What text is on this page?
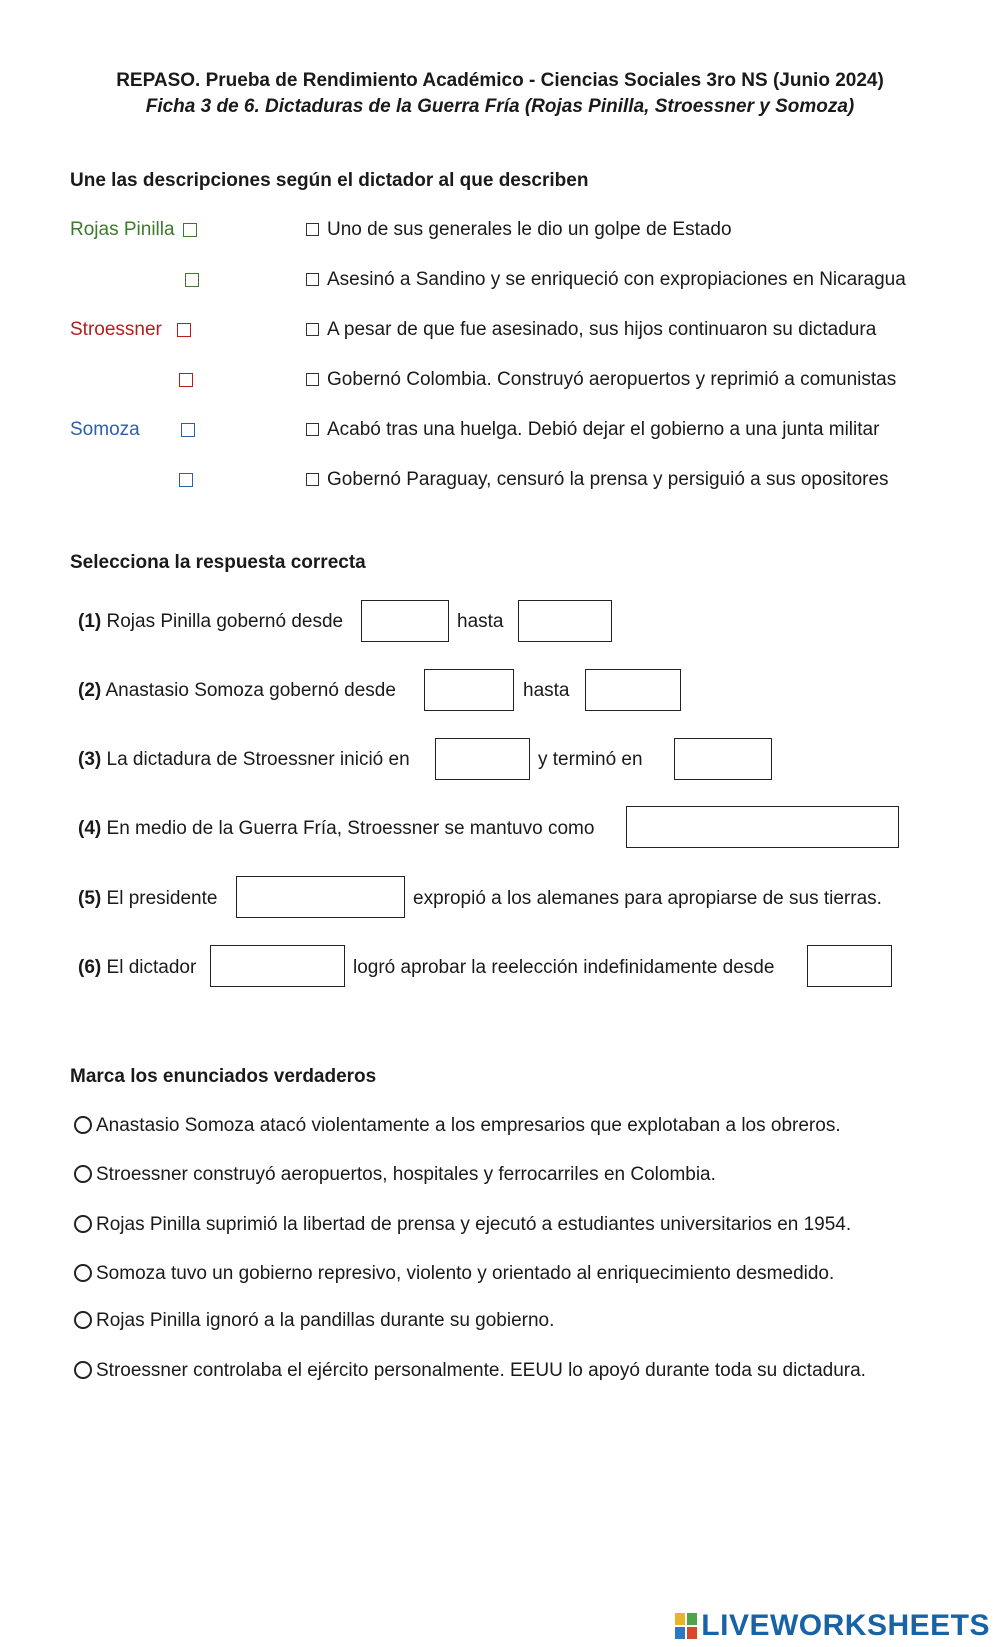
REPASO. Prueba de Rendimiento Académico - Ciencias Sociales 3ro NS (Junio 2024)
Ficha 3 de 6. Dictaduras de la Guerra Fría (Rojas Pinilla, Stroessner y Somoza)
Une las descripciones según el dictador al que describen
Rojas Pinilla
Stroessner
Somoza
Uno de sus generales le dio un golpe de Estado
Asesinó a Sandino y se enriqueció con expropiaciones en Nicaragua
A pesar de que fue asesinado, sus hijos continuaron su dictadura
Gobernó Colombia. Construyó aeropuertos y reprimió a comunistas
Acabó tras una huelga. Debió dejar el gobierno a una junta militar
Gobernó Paraguay, censuró la prensa y persiguió a sus opositores
Selecciona la respuesta correcta
(1) Rojas Pinilla gobernó desde	hasta
(2) Anastasio Somoza gobernó desde	hasta
(3) La dictadura de Stroessner inició en	y terminó en
(4) En medio de la Guerra Fría, Stroessner se mantuvo como
(5) El presidente	expropió a los alemanes para apropiarse de sus tierras.
(6) El dictador	logró aprobar la reelección indefinidamente desde
Marca los enunciados verdaderos
Anastasio Somoza atacó violentamente a los empresarios que explotaban a los obreros.
Stroessner construyó aeropuertos, hospitales y ferrocarriles en Colombia.
Rojas Pinilla suprimió la libertad de prensa y ejecutó a estudiantes universitarios en 1954.
Somoza tuvo un gobierno represivo, violento y orientado al enriquecimiento desmedido.
Rojas Pinilla ignoró a la pandillas durante su gobierno.
Stroessner controlaba el ejército personalmente. EEUU lo apoyó durante toda su dictadura.
LIVEWORKSHEETS
